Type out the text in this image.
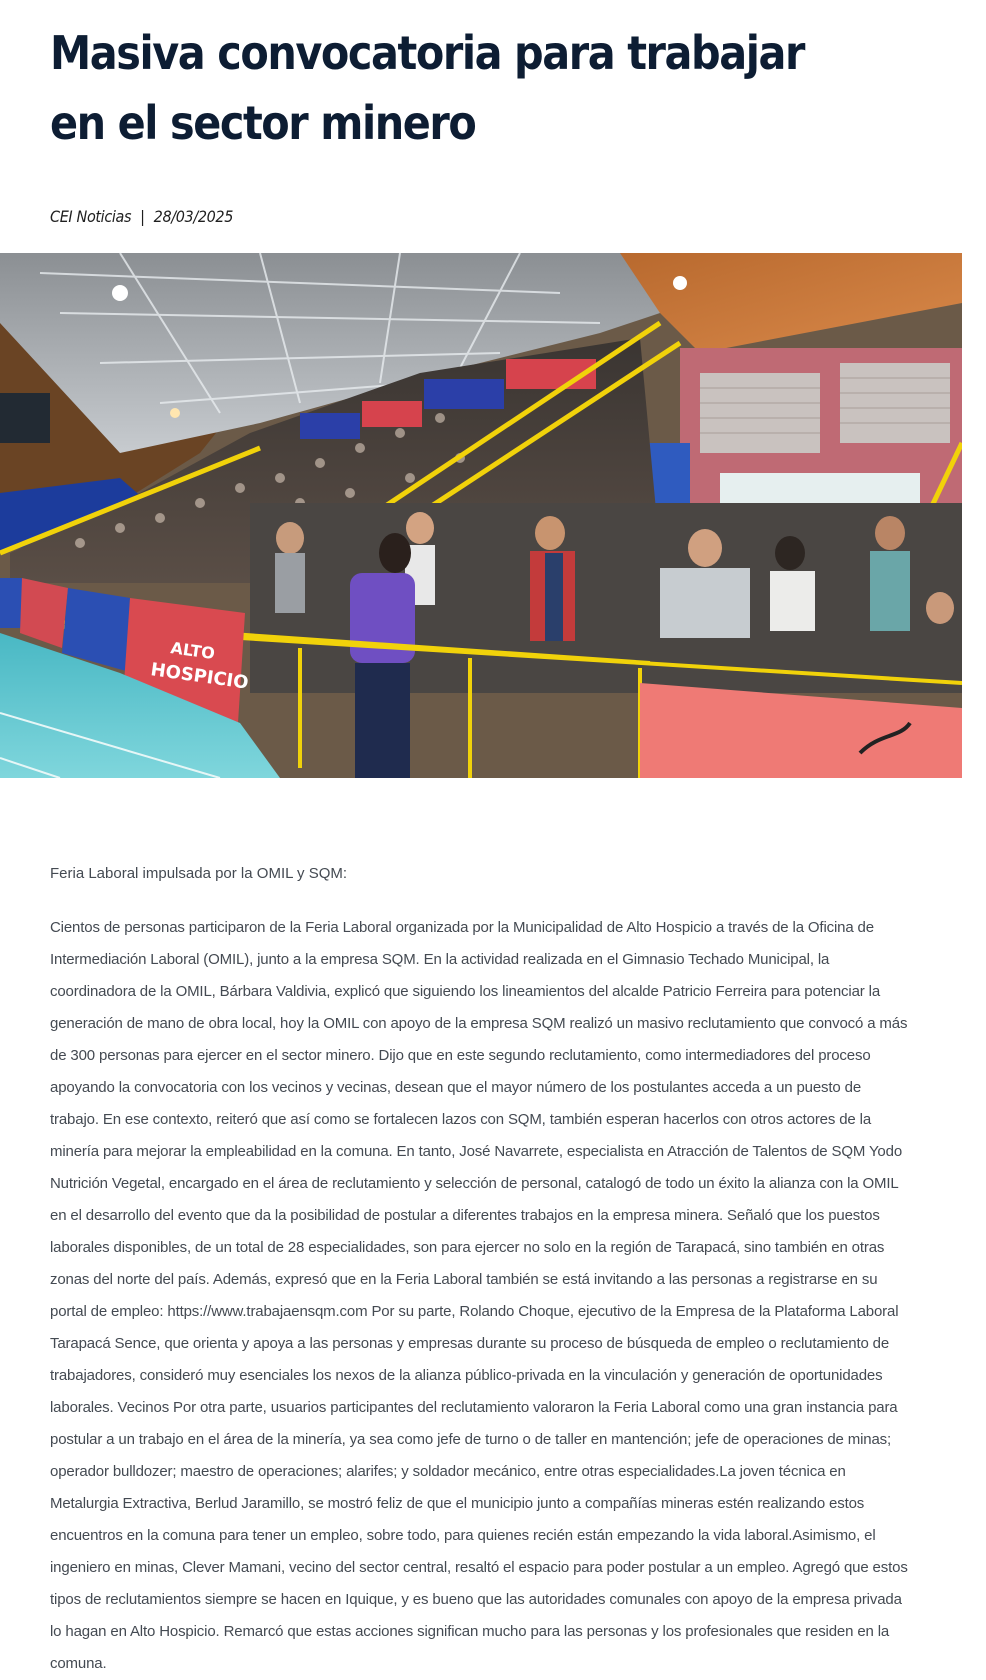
Masiva convocatoria para trabajar en el sector minero
CEI Noticias | 28/03/2025
ALTO
HOSPICIO

Feria Laboral impulsada por la OMIL y SQM:

Cientos de personas participaron de la Feria Laboral organizada por la Municipalidad de Alto Hospicio a través de la Oficina de Intermediación Laboral (OMIL), junto a la empresa SQM. En la actividad realizada en el Gimnasio Techado Municipal, la coordinadora de la OMIL, Bárbara Valdivia, explicó que siguiendo los lineamientos del alcalde Patricio Ferreira para potenciar la generación de mano de obra local, hoy la OMIL con apoyo de la empresa SQM realizó un masivo reclutamiento que convocó a más de 300 personas para ejercer en el sector minero. Dijo que en este segundo reclutamiento, como intermediadores del proceso apoyando la convocatoria con los vecinos y vecinas, desean que el mayor número de los postulantes acceda a un puesto de trabajo. En ese contexto, reiteró que así como se fortalecen lazos con SQM, también esperan hacerlos con otros actores de la minería para mejorar la empleabilidad en la comuna. En tanto, José Navarrete, especialista en Atracción de Talentos de SQM Yodo Nutrición Vegetal, encargado en el área de reclutamiento y selección de personal, catalogó de todo un éxito la alianza con la OMIL en el desarrollo del evento que da la posibilidad de postular a diferentes trabajos en la empresa minera. Señaló que los puestos laborales disponibles, de un total de 28 especialidades, son para ejercer no solo en la región de Tarapacá, sino también en otras zonas del norte del país. Además, expresó que en la Feria Laboral también se está invitando a las personas a registrarse en su portal de empleo: https://www.trabajaensqm.com Por su parte, Rolando Choque, ejecutivo de la Empresa de la Plataforma Laboral Tarapacá Sence, que orienta y apoya a las personas y empresas durante su proceso de búsqueda de empleo o reclutamiento de trabajadores, consideró muy esenciales los nexos de la alianza público-privada en la vinculación y generación de oportunidades laborales. Vecinos Por otra parte, usuarios participantes del reclutamiento valoraron la Feria Laboral como una gran instancia para postular a un trabajo en el área de la minería, ya sea como jefe de turno o de taller en mantención; jefe de operaciones de minas; operador bulldozer; maestro de operaciones; alarifes; y soldador mecánico, entre otras especialidades.La joven técnica en Metalurgia Extractiva, Berlud Jaramillo, se mostró feliz de que el municipio junto a compañías mineras estén realizando estos encuentros en la comuna para tener un empleo, sobre todo, para quienes recién están empezando la vida laboral.Asimismo, el ingeniero en minas, Clever Mamani, vecino del sector central, resaltó el espacio para poder postular a un empleo. Agregó que estos tipos de reclutamientos siempre se hacen en Iquique, y es bueno que las autoridades comunales con apoyo de la empresa privada lo hagan en Alto Hospicio. Remarcó que estas acciones significan mucho para las personas y los profesionales que residen en la comuna.
